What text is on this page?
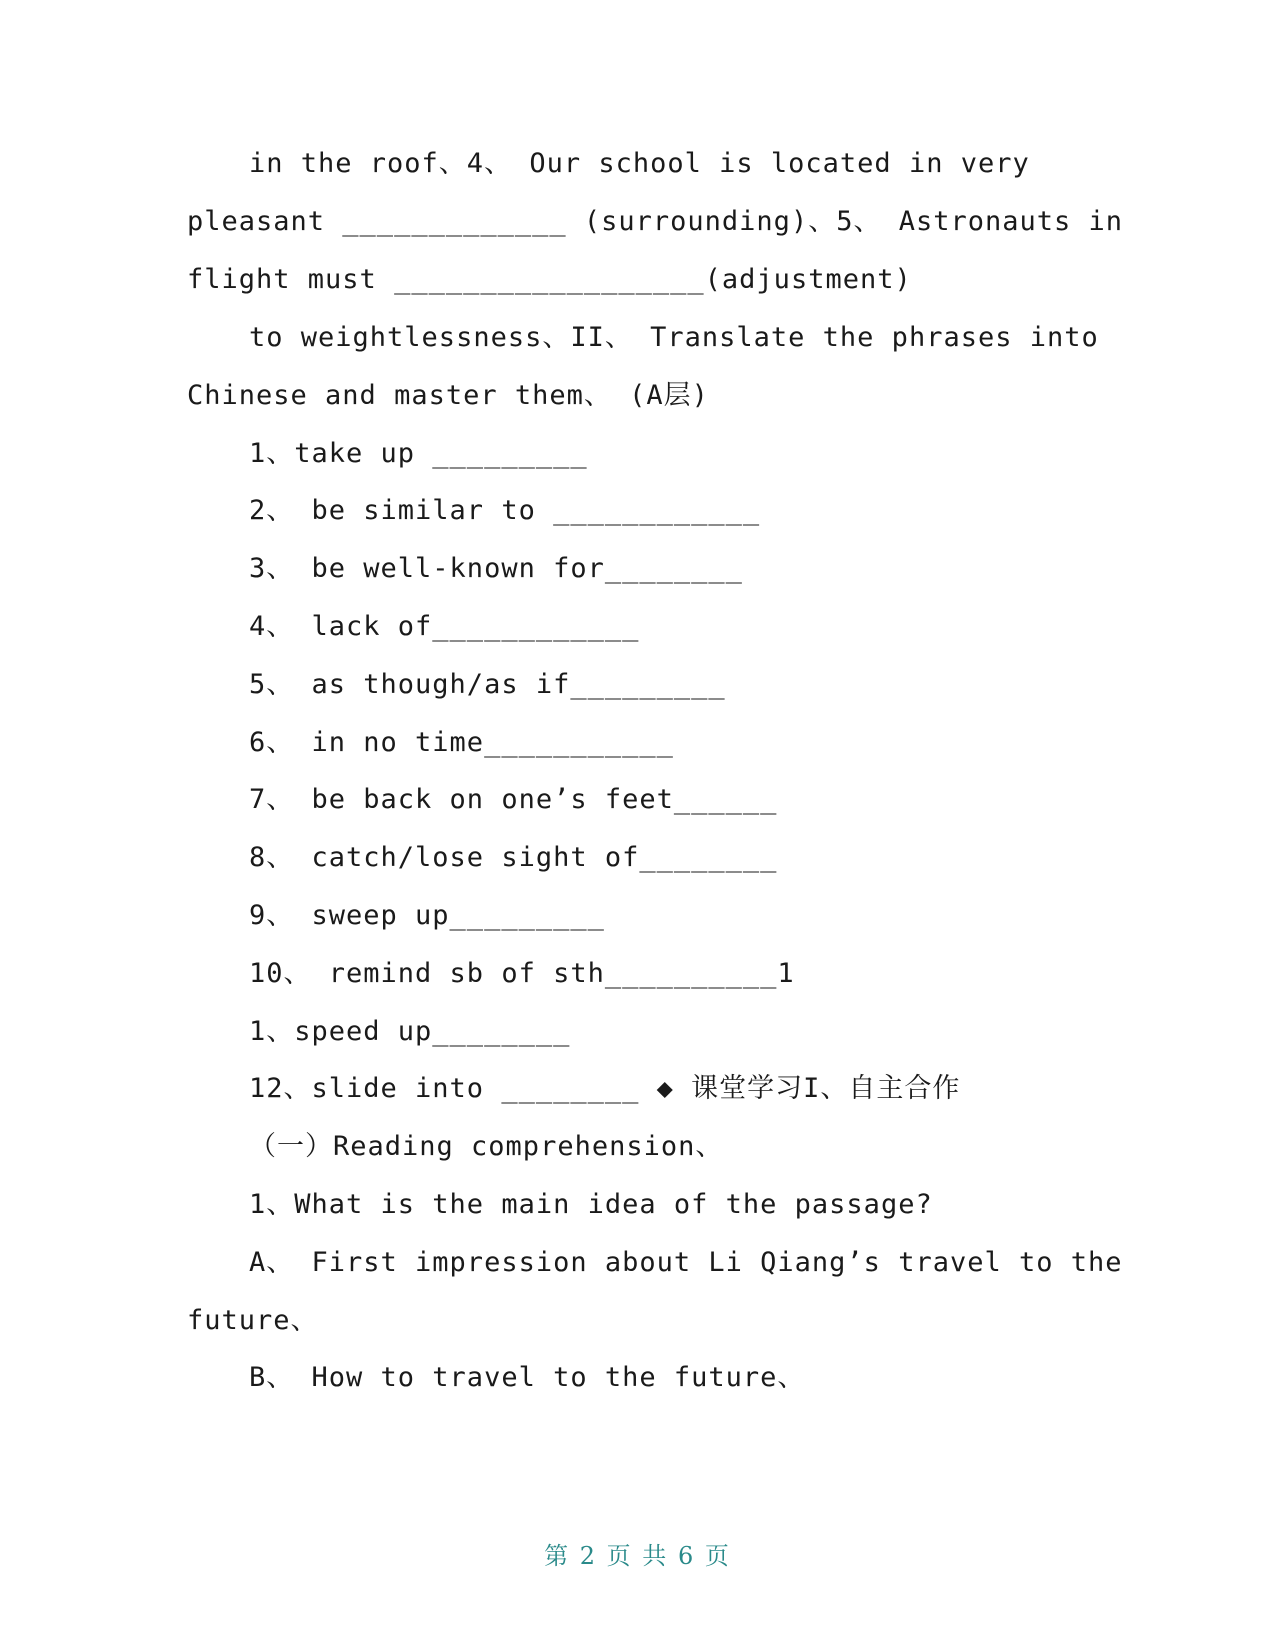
in the roof、4、 Our school is located in very
pleasant _____________ (surrounding)、5、 Astronauts in
flight must __________________(adjustment)
to weightlessness、II、 Translate the phrases into
Chinese and master them、 (A层)
1、take up _________
2、 be similar to ____________
3、 be well-known for________
4、 lack of____________
5、 as though/as if_________
6、 in no time___________
7、 be back on one’s feet______
8、 catch/lose sight of________
9、 sweep up_________
10、 remind sb of sth__________1
1、speed up________
12、slide into ________ ◆ 课堂学习I、自主合作
（一）Reading comprehension、
1、What is the main idea of the passage?
A、 First impression about Li Qiang’s travel to the
future、
B、 How to travel to the future、
第 2 页 共 6 页
